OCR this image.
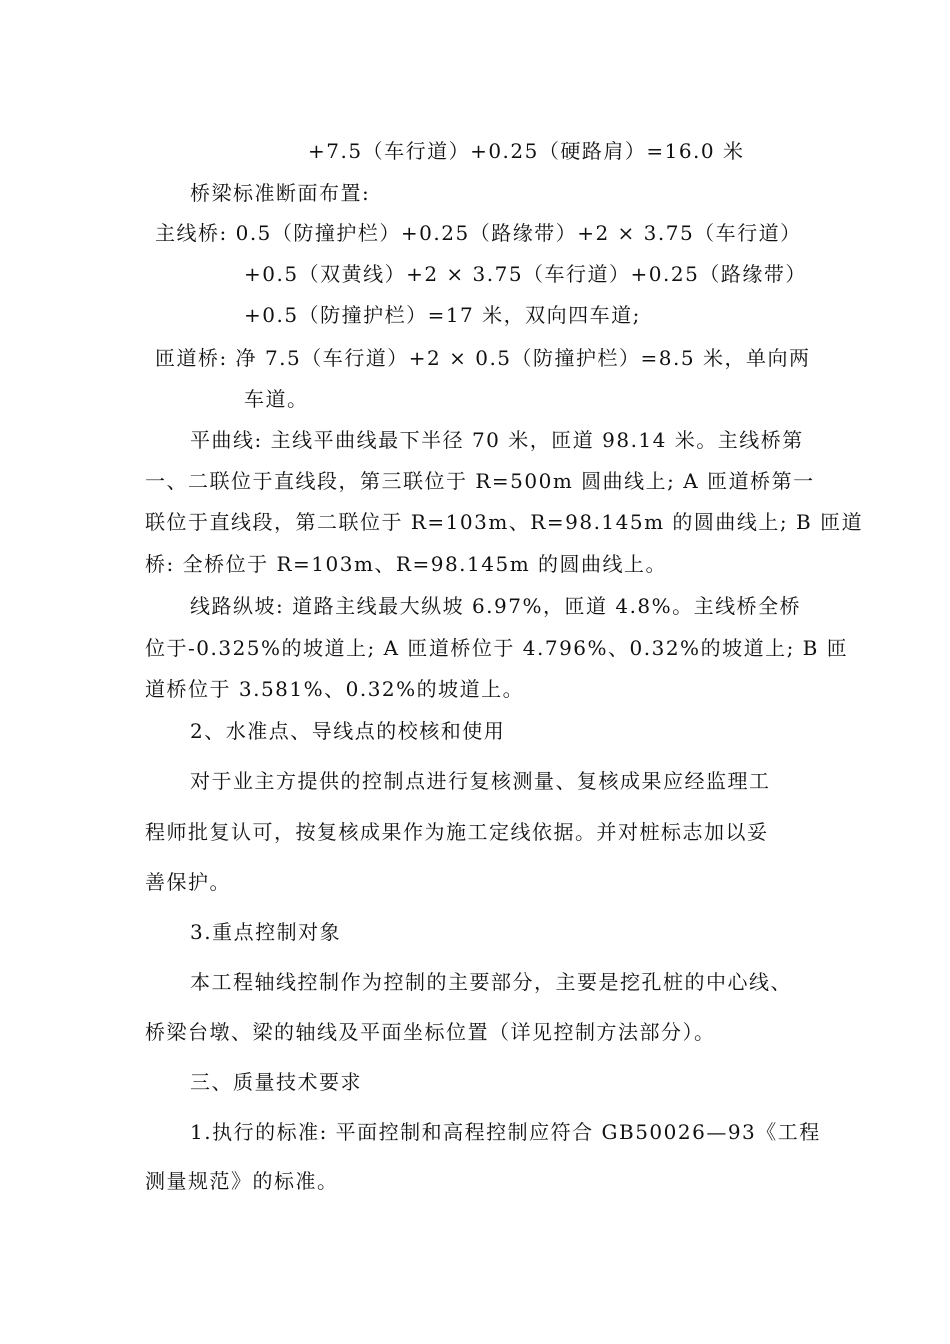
+7.5（车行道）+0.25（硬路肩）=16.0 米
桥梁标准断面布置:
主线桥: 0.5（防撞护栏）+0.25（路缘带）+2 × 3.75（车行道）
+0.5（双黄线）+2 × 3.75（车行道）+0.25（路缘带）
+0.5（防撞护栏）=17 米，双向四车道;
匝道桥: 净 7.5（车行道）+2 × 0.5（防撞护栏）=8.5 米，单向两
车道。
平曲线: 主线平曲线最下半径 70 米，匝道 98.14 米。主线桥第
一、二联位于直线段，第三联位于 R=500m 圆曲线上; A 匝道桥第一
联位于直线段，第二联位于 R=103m、R=98.145m 的圆曲线上; B 匝道
桥: 全桥位于 R=103m、R=98.145m 的圆曲线上。
线路纵坡: 道路主线最大纵坡 6.97%，匝道 4.8%。主线桥全桥
位于-0.325%的坡道上; A 匝道桥位于 4.796%、0.32%的坡道上; B 匝
道桥位于 3.581%、0.32%的坡道上。
2、水准点、导线点的校核和使用
对于业主方提供的控制点进行复核测量、复核成果应经监理工
程师批复认可，按复核成果作为施工定线依据。并对桩标志加以妥
善保护。
3.重点控制对象
本工程轴线控制作为控制的主要部分，主要是挖孔桩的中心线、
桥梁台墩、梁的轴线及平面坐标位置（详见控制方法部分）。
三、质量技术要求
1.执行的标准: 平面控制和高程控制应符合 GB50026—93《工程
测量规范》的标准。
